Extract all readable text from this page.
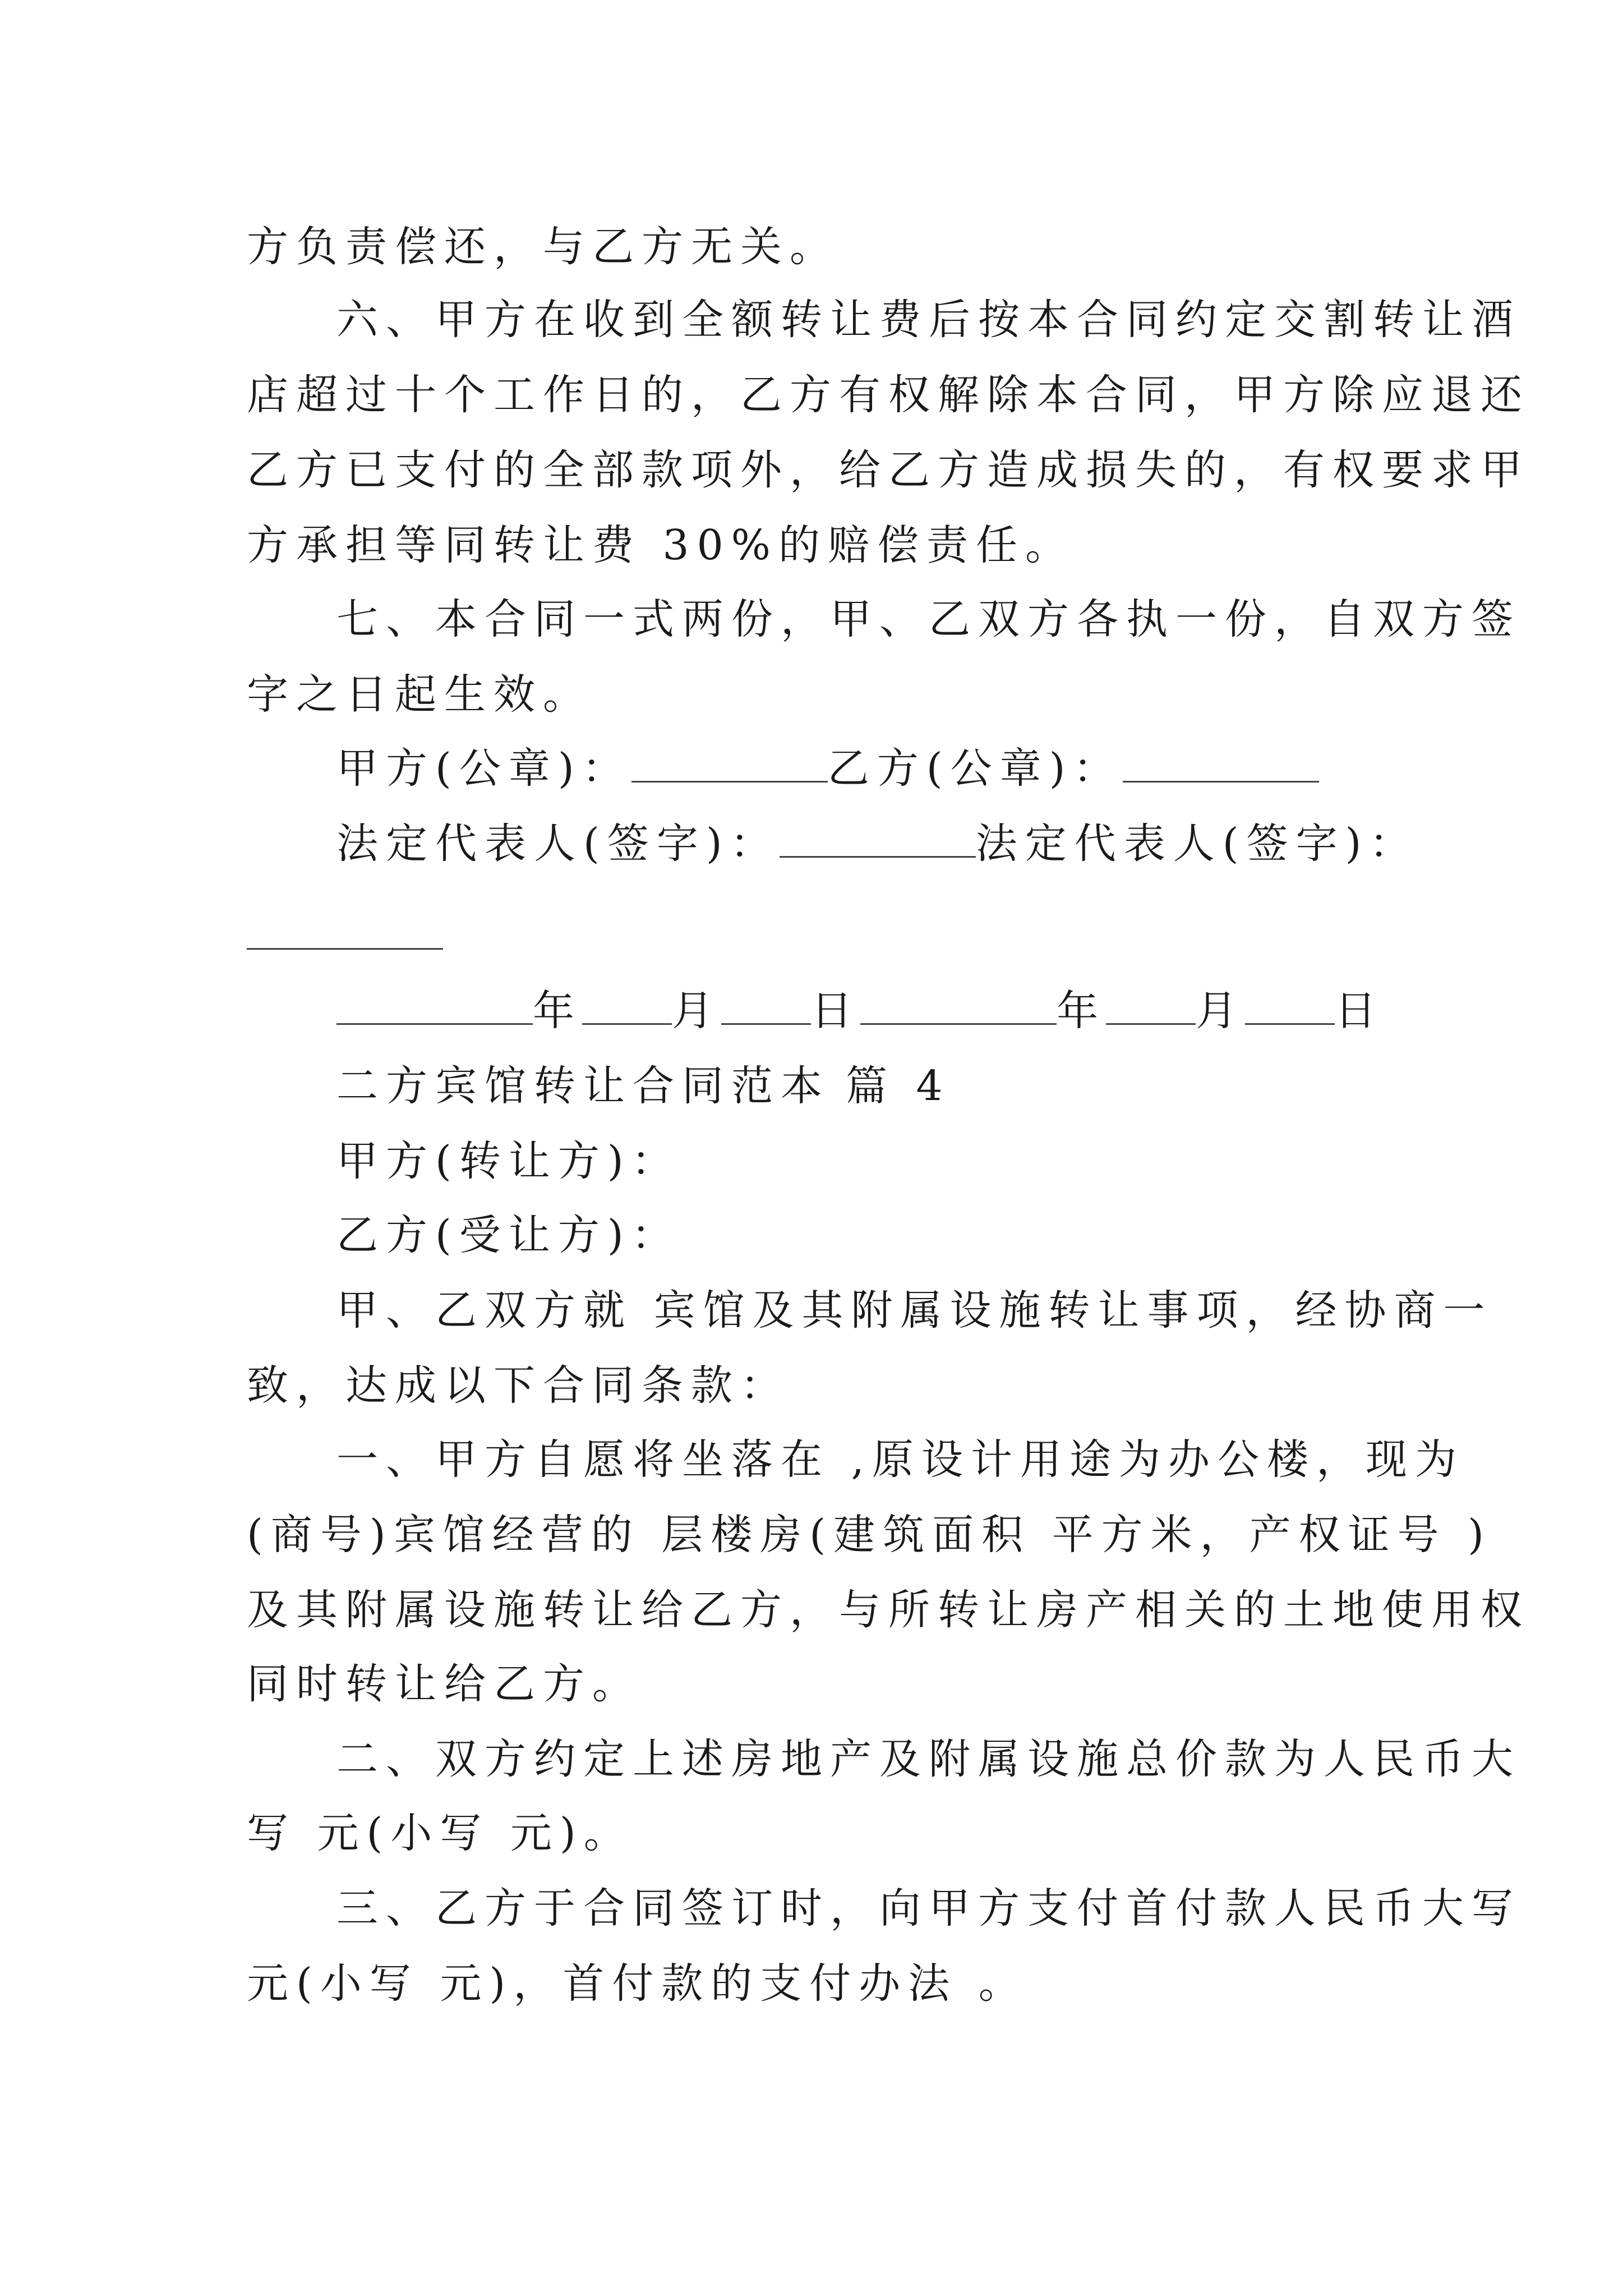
方负责偿还，与乙方无关。
六、甲方在收到全额转让费后按本合同约定交割转让酒
店超过十个工作日的，乙方有权解除本合同，甲方除应退还
乙方已支付的全部款项外，给乙方造成损失的，有权要求甲
方承担等同转让费 30%的赔偿责任。
七、本合同一式两份，甲、乙双方各执一份，自双方签
字之日起生效。
甲方(公章)：	乙方(公章)：
法定代表人(签字)：	法定代表人(签字)：
年 月 日	年 月 日
二方宾馆转让合同范本 篇 4
甲方(转让方)：
乙方(受让方)：
甲、乙双方就 宾馆及其附属设施转让事项，经协商一
致，达成以下合同条款：
一、甲方自愿将坐落在 ,原设计用途为办公楼，现为
(商号)宾馆经营的 层楼房(建筑面积 平方米，产权证号 )
及其附属设施转让给乙方，与所转让房产相关的土地使用权
同时转让给乙方。
二、双方约定上述房地产及附属设施总价款为人民币大
写 元(小写 元)。
三、乙方于合同签订时，向甲方支付首付款人民币大写
元(小写 元)，首付款的支付办法 。
